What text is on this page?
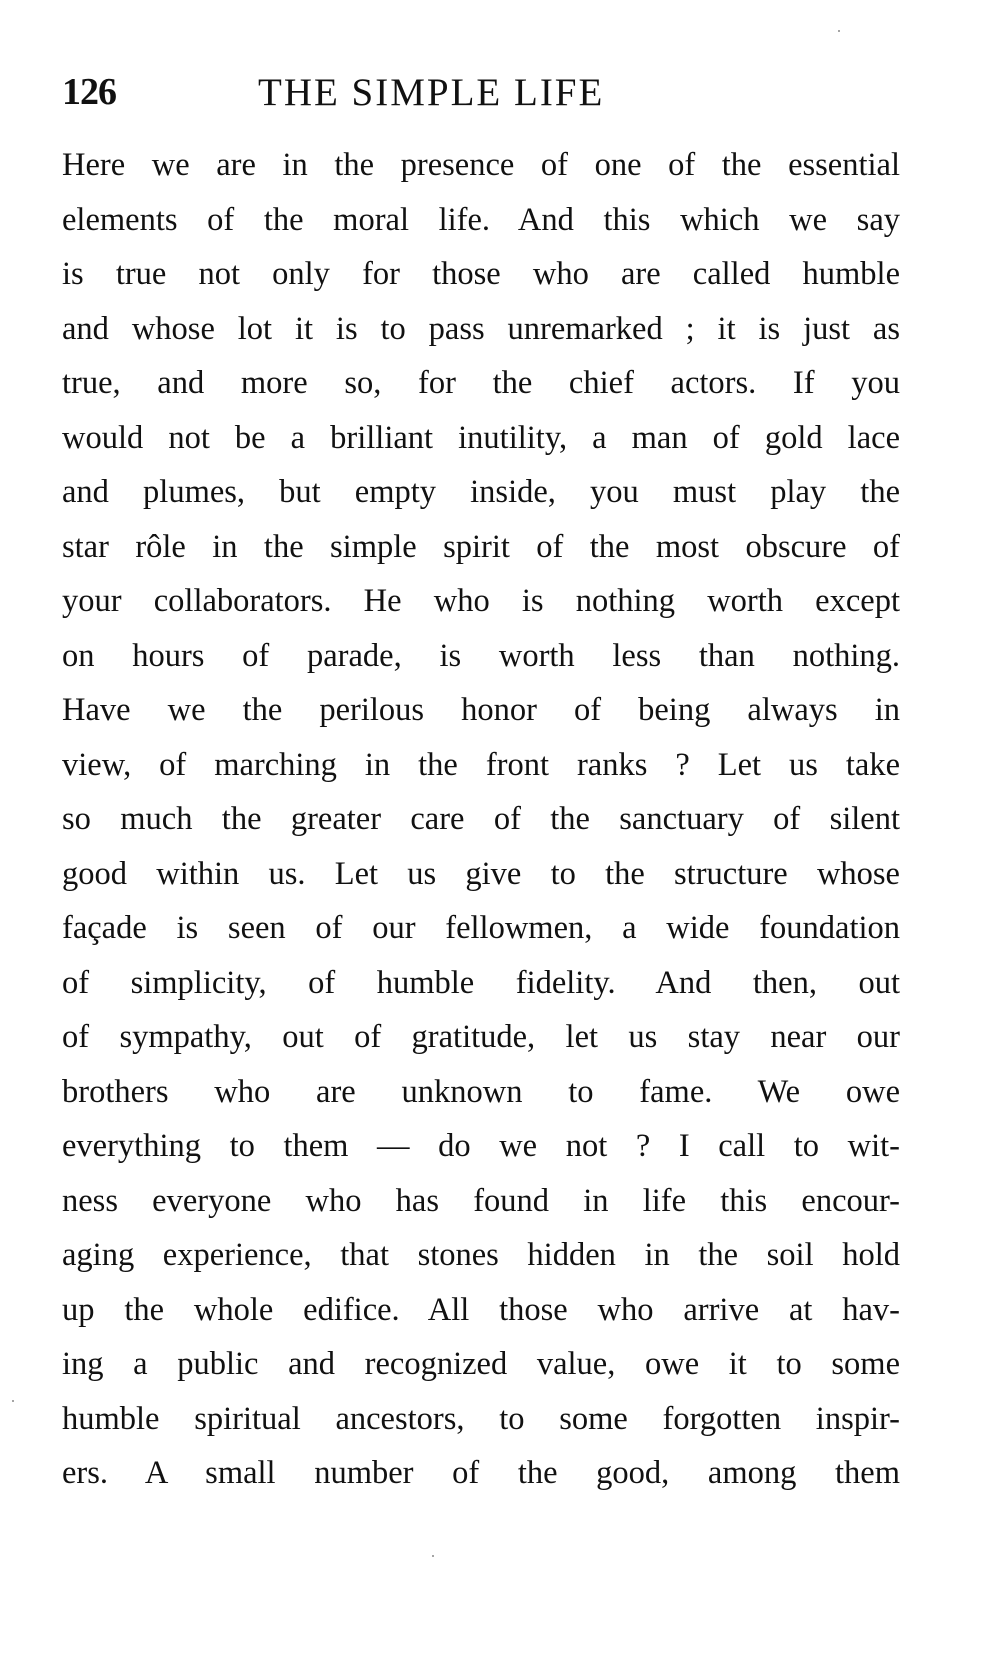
126	THE SIMPLE LIFE
Here we are in the presence of one of the essential
elements of the moral life. And this which we say
is true not only for those who are called humble
and whose lot it is to pass unremarked ; it is just as
true, and more so, for the chief actors. If you
would not be a brilliant inutility, a man of gold lace
and plumes, but empty inside, you must play the
star rôle in the simple spirit of the most obscure of
your collaborators. He who is nothing worth except
on hours of parade, is worth less than nothing.
Have we the perilous honor of being always in
view, of marching in the front ranks ? Let us take
so much the greater care of the sanctuary of silent
good within us. Let us give to the structure whose
façade is seen of our fellowmen, a wide foundation
of simplicity, of humble fidelity. And then, out
of sympathy, out of gratitude, let us stay near our
brothers who are unknown to fame. We owe
everything to them — do we not ? I call to wit-
ness everyone who has found in life this encour-
aging experience, that stones hidden in the soil hold
up the whole edifice. All those who arrive at hav-
ing a public and recognized value, owe it to some
humble spiritual ancestors, to some forgotten inspir-
ers. A small number of the good, among them
